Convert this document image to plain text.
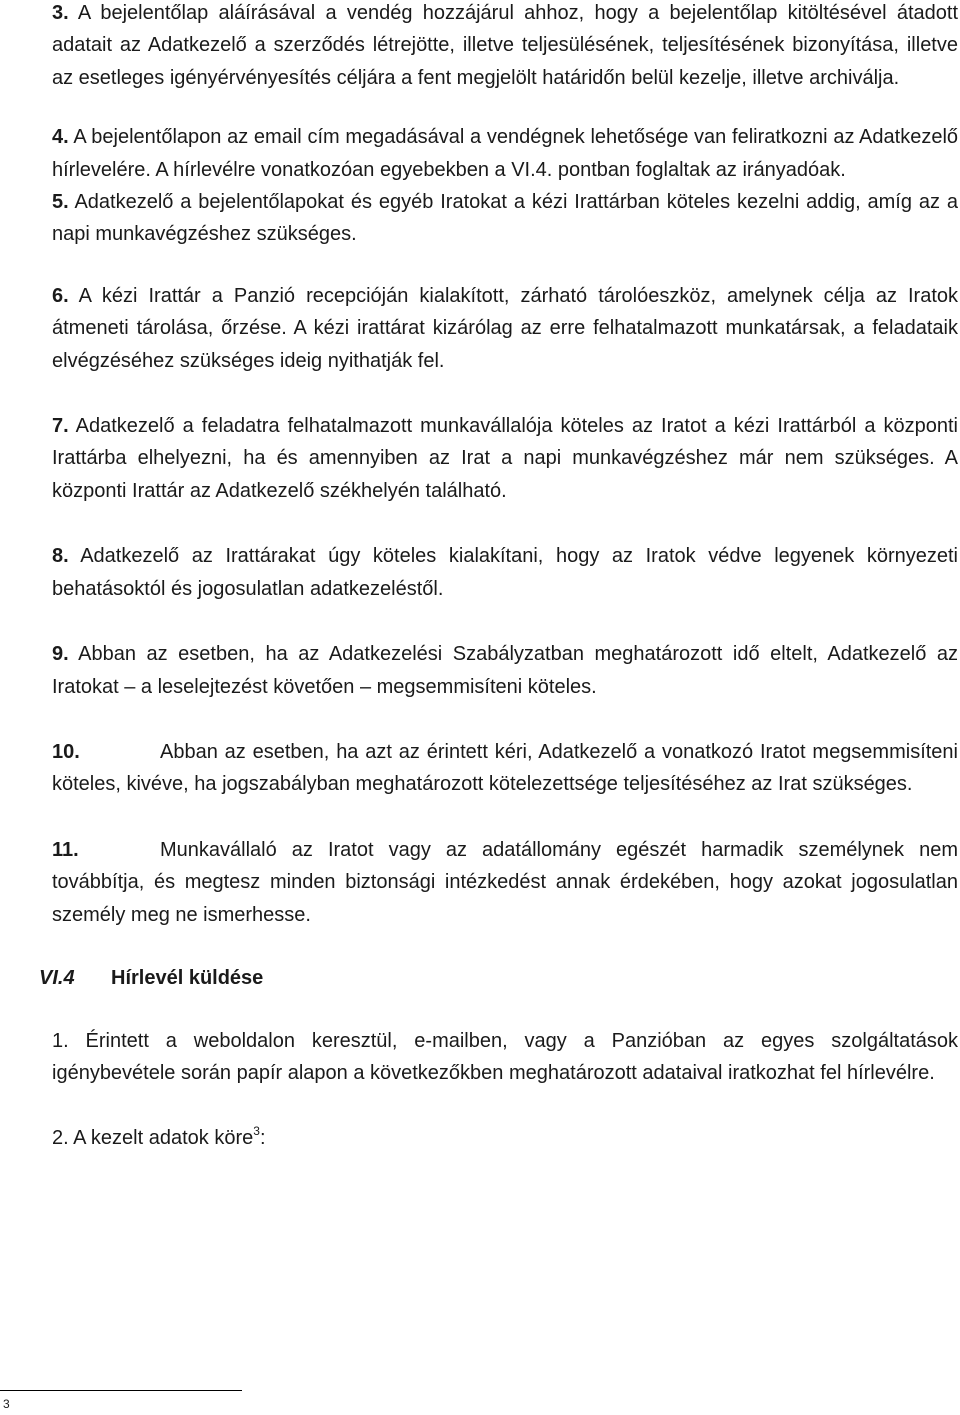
3. A bejelentőlap aláírásával a vendég hozzájárul ahhoz, hogy a bejelentőlap kitöltésével átadott adatait az Adatkezelő a szerződés létrejötte, illetve teljesülésének, teljesítésének bizonyítása, illetve az esetleges igényérvényesítés céljára a fent megjelölt határidőn belül kezelje, illetve archiválja.

4. A bejelentőlapon az email cím megadásával a vendégnek lehetősége van feliratkozni az Adatkezelő hírlevelére. A hírlevélre vonatkozóan egyebekben a VI.4. pontban foglaltak az irányadóak.

5. Adatkezelő a bejelentőlapokat és egyéb Iratokat a kézi Irattárban köteles kezelni addig, amíg az a napi munkavégzéshez szükséges.

6. A kézi Irattár a Panzió recepcióján kialakított, zárható tárolóeszköz, amelynek célja az Iratok átmeneti tárolása, őrzése. A kézi irattárat kizárólag az erre felhatalmazott munkatársak, a feladataik elvégzéséhez szükséges ideig nyithatják fel.

7. Adatkezelő a feladatra felhatalmazott munkavállalója köteles az Iratot a kézi Irattárból a központi Irattárba elhelyezni, ha és amennyiben az Irat a napi munkavégzéshez már nem szükséges. A központi Irattár az Adatkezelő székhelyén található.

8. Adatkezelő az Irattárakat úgy köteles kialakítani, hogy az Iratok védve legyenek környezeti behatásoktól és jogosulatlan adatkezeléstől.

9. Abban az esetben, ha az Adatkezelési Szabályzatban meghatározott idő eltelt, Adatkezelő az Iratokat – a leselejtezést követően – megsemmisíteni köteles.

10.	Abban az esetben, ha azt az érintett kéri, Adatkezelő a vonatkozó Iratot megsemmisíteni köteles, kivéve, ha jogszabályban meghatározott kötelezettsége teljesítéséhez az Irat szükséges.

11.	Munkavállaló az Iratot vagy az adatállomány egészét harmadik személynek nem továbbítja, és megtesz minden biztonsági intézkedést annak érdekében, hogy azokat jogosulatlan személy meg ne ismerhesse.

VI.4	Hírlevél küldése

1. Érintett a weboldalon keresztül, e-mailben, vagy a Panzióban az egyes szolgáltatások igénybevétele során papír alapon a következőkben meghatározott adataival iratkozhat fel hírlevélre.

2. A kezelt adatok köre$^3$:

3
